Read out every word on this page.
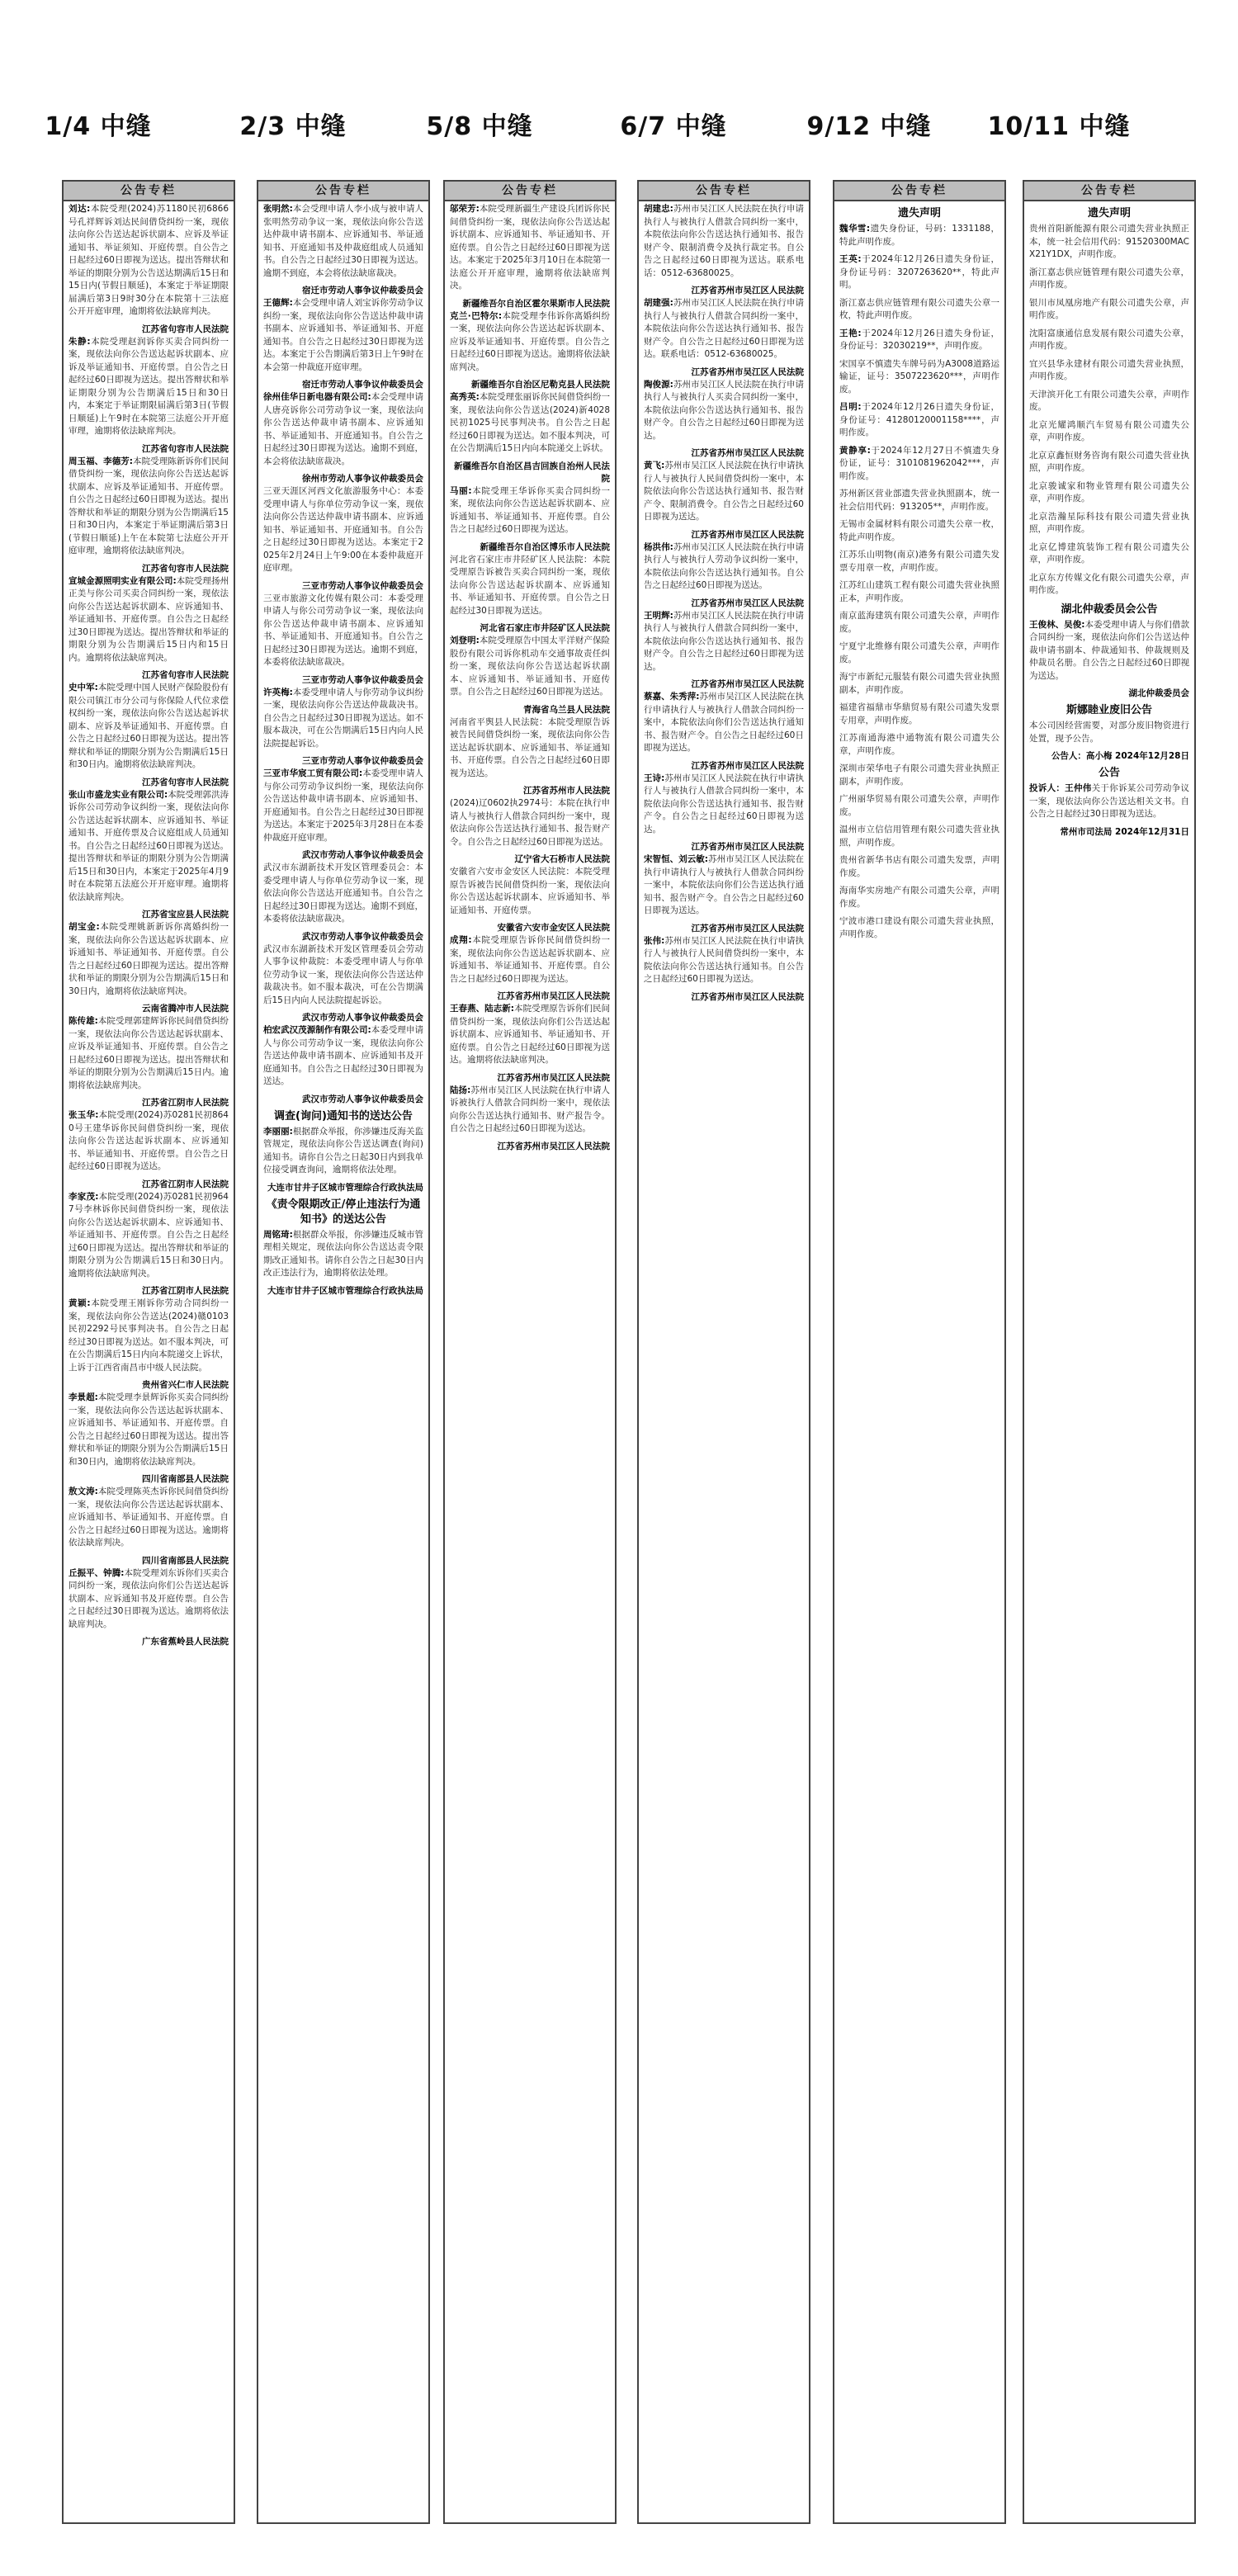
1/4 中缝	2/3 中缝	5/8 中缝	6/7 中缝	9/12 中缝	10/11 中缝
公告专栏
刘达:本院受理(2024)苏1180民初6866号孔祥辉诉刘达民间借贷纠纷一案，现依法向你公告送达起诉状副本、应诉及举证通知书、举证须知、开庭传票。自公告之日起经过60日即视为送达。提出答辩状和举证的期限分别为公告送达期满后15日和15日内(节假日顺延)，本案定于举证期限届满后第3日9时30分在本院第十三法庭公开开庭审理，逾期将依法缺席判决。
江苏省句容市人民法院
朱静:本院受理赵润诉你买卖合同纠纷一案，现依法向你公告送达起诉状副本、应诉及举证通知书、开庭传票。自公告之日起经过60日即视为送达。提出答辩状和举证期限分别为公告期满后15日和30日内，本案定于举证期限届满后第3日(节假日顺延)上午9时在本院第三法庭公开开庭审理，逾期将依法缺席判决。
江苏省句容市人民法院
周玉福、李德芳:本院受理陈新诉你们民间借贷纠纷一案，现依法向你公告送达起诉状副本、应诉及举证通知书、开庭传票。自公告之日起经过60日即视为送达。提出答辩状和举证的期限分别为公告期满后15日和30日内，本案定于举证期满后第3日(节假日顺延)上午在本院第七法庭公开开庭审理，逾期将依法缺席判决。
江苏省句容市人民法院
宣城金源照明实业有限公司:本院受理扬州正美与你公司买卖合同纠纷一案，现依法向你公告送达起诉状副本、应诉通知书、举证通知书、开庭传票。自公告之日起经过30日即视为送达。提出答辩状和举证的期限分别为公告期满后15日内和15日内。逾期将依法缺席判决。
江苏省句容市人民法院
史中军:本院受理中国人民财产保险股份有限公司镇江市分公司与你保险人代位求偿权纠纷一案，现依法向你公告送达起诉状副本、应诉及举证通知书、开庭传票。自公告之日起经过60日即视为送达。提出答辩状和举证的期限分别为公告期满后15日和30日内。逾期将依法缺席判决。
江苏省句容市人民法院
张山市盛龙实业有限公司:本院受理郭洪涛诉你公司劳动争议纠纷一案，现依法向你公告送达起诉状副本、应诉通知书、举证通知书、开庭传票及合议庭组成人员通知书。自公告之日起经过60日即视为送达。提出答辩状和举证的期限分别为公告期满后15日和30日内，本案定于2025年4月9时在本院第五法庭公开开庭审理。逾期将依法缺席判决。
江苏省宝应县人民法院
胡宝金:本院受理姚新新诉你离婚纠纷一案，现依法向你公告送达起诉状副本、应诉通知书、举证通知书、开庭传票。自公告之日起经过60日即视为送达。提出答辩状和举证的期限分别为公告期满后15日和30日内，逾期将依法缺席判决。
云南省腾冲市人民法院
陈传雄:本院受理郭建辉诉你民间借贷纠纷一案，现依法向你公告送达起诉状副本、应诉及举证通知书、开庭传票。自公告之日起经过60日即视为送达。提出答辩状和举证的期限分别为公告期满后15日内。逾期将依法缺席判决。
江苏省江阴市人民法院
张玉华:本院受理(2024)苏0281民初8640号王建华诉你民间借贷纠纷一案，现依法向你公告送达起诉状副本、应诉通知书、举证通知书、开庭传票。自公告之日起经过60日即视为送达。
江苏省江阴市人民法院
李家茂:本院受理(2024)苏0281民初9647号李林诉你民间借贷纠纷一案，现依法向你公告送达起诉状副本、应诉通知书、举证通知书、开庭传票。自公告之日起经过60日即视为送达。提出答辩状和举证的期限分别为公告期满后15日和30日内。逾期将依法缺席判决。
江苏省江阴市人民法院
黄颖:本院受理王刚诉你劳动合同纠纷一案，现依法向你公告送达(2024)赣0103民初2292号民事判决书。自公告之日起经过30日即视为送达。如不服本判决，可在公告期满后15日内向本院递交上诉状，上诉于江西省南昌市中级人民法院。
贵州省兴仁市人民法院
李景超:本院受理李景辉诉你买卖合同纠纷一案，现依法向你公告送达起诉状副本、应诉通知书、举证通知书、开庭传票。自公告之日起经过60日即视为送达。提出答辩状和举证的期限分别为公告期满后15日和30日内，逾期将依法缺席判决。
四川省南部县人民法院
敖文涛:本院受理陈英杰诉你民间借贷纠纷一案，现依法向你公告送达起诉状副本、应诉通知书、举证通知书、开庭传票。自公告之日起经过60日即视为送达。逾期将依法缺席判决。
四川省南部县人民法院
丘振平、钟腾:本院受理刘东诉你们买卖合同纠纷一案，现依法向你们公告送达起诉状副本、应诉通知书及开庭传票。自公告之日起经过30日即视为送达。逾期将依法缺席判决。
广东省蕉岭县人民法院
公告专栏
张明然:本会受理申请人李小成与被申请人张明然劳动争议一案，现依法向你公告送达仲裁申请书副本、应诉通知书、举证通知书、开庭通知书及仲裁庭组成人员通知书。自公告之日起经过30日即视为送达。逾期不到庭，本会将依法缺席裁决。
宿迁市劳动人事争议仲裁委员会
王德辉:本会受理申请人刘宝诉你劳动争议纠纷一案，现依法向你公告送达仲裁申请书副本、应诉通知书、举证通知书、开庭通知书。自公告之日起经过30日即视为送达。本案定于公告期满后第3日上午9时在本会第一仲裁庭开庭审理。
宿迁市劳动人事争议仲裁委员会
徐州佳华日新电器有限公司:本会受理申请人唐亮诉你公司劳动争议一案，现依法向你公告送达仲裁申请书副本、应诉通知书、举证通知书、开庭通知书。自公告之日起经过30日即视为送达。逾期不到庭，本会将依法缺席裁决。
徐州市劳动人事争议仲裁委员会
三亚天涯区河西文化旅游服务中心：本委受理申请人与你单位劳动争议一案，现依法向你公告送达仲裁申请书副本、应诉通知书、举证通知书、开庭通知书。自公告之日起经过30日即视为送达。本案定于2025年2月24日上午9:00在本委仲裁庭开庭审理。
三亚市劳动人事争议仲裁委员会
三亚市旅游文化传媒有限公司：本委受理申请人与你公司劳动争议一案，现依法向你公告送达仲裁申请书副本、应诉通知书、举证通知书、开庭通知书。自公告之日起经过30日即视为送达。逾期不到庭，本委将依法缺席裁决。
三亚市劳动人事争议仲裁委员会
许英梅:本委受理申请人与你劳动争议纠纷一案，现依法向你公告送达仲裁裁决书。自公告之日起经过30日即视为送达。如不服本裁决，可在公告期满后15日内向人民法院提起诉讼。
三亚市劳动人事争议仲裁委员会
三亚市华宸工贸有限公司:本委受理申请人与你公司劳动争议纠纷一案，现依法向你公告送达仲裁申请书副本、应诉通知书、开庭通知书。自公告之日起经过30日即视为送达。本案定于2025年3月28日在本委仲裁庭开庭审理。
武汉市劳动人事争议仲裁委员会
武汉市东湖新技术开发区管理委员会：本委受理申请人与你单位劳动争议一案，现依法向你公告送达开庭通知书。自公告之日起经过30日即视为送达。逾期不到庭，本委将依法缺席裁决。
武汉市劳动人事争议仲裁委员会
武汉市东湖新技术开发区管理委员会劳动人事争议仲裁院：本委受理申请人与你单位劳动争议一案，现依法向你公告送达仲裁裁决书。如不服本裁决，可在公告期满后15日内向人民法院提起诉讼。
武汉市劳动人事争议仲裁委员会
柏宏武汉茂源制作有限公司:本委受理申请人与你公司劳动争议一案，现依法向你公告送达仲裁申请书副本、应诉通知书及开庭通知书。自公告之日起经过30日即视为送达。
武汉市劳动人事争议仲裁委员会
调查(询问)通知书的送达公告
李丽丽:根据群众举报，你涉嫌违反海关监管规定，现依法向你公告送达调查(询问)通知书。请你自公告之日起30日内到我单位接受调查询问，逾期将依法处理。
大连市甘井子区城市管理综合行政执法局
《责令限期改正/停止违法行为通知书》的送达公告
周铭琦:根据群众举报，你涉嫌违反城市管理相关规定，现依法向你公告送达责令限期改正通知书。请你自公告之日起30日内改正违法行为，逾期将依法处理。
大连市甘井子区城市管理综合行政执法局
公告专栏
邬荣芳:本院受理新疆生产建设兵团诉你民间借贷纠纷一案，现依法向你公告送达起诉状副本、应诉通知书、举证通知书、开庭传票。自公告之日起经过60日即视为送达。本案定于2025年3月10日在本院第一法庭公开开庭审理，逾期将依法缺席判决。
新疆维吾尔自治区霍尔果斯市人民法院
克兰·巴特尔:本院受理李伟诉你离婚纠纷一案，现依法向你公告送达起诉状副本、应诉及举证通知书、开庭传票。自公告之日起经过60日即视为送达。逾期将依法缺席判决。
新疆维吾尔自治区尼勒克县人民法院
高秀英:本院受理张丽诉你民间借贷纠纷一案，现依法向你公告送达(2024)新4028民初1025号民事判决书。自公告之日起经过60日即视为送达。如不服本判决，可在公告期满后15日内向本院递交上诉状。
新疆维吾尔自治区昌吉回族自治州人民法院
马丽:本院受理王华诉你买卖合同纠纷一案，现依法向你公告送达起诉状副本、应诉通知书、举证通知书、开庭传票。自公告之日起经过60日即视为送达。
新疆维吾尔自治区博乐市人民法院
河北省石家庄市井陉矿区人民法院：本院受理原告诉被告买卖合同纠纷一案，现依法向你公告送达起诉状副本、应诉通知书、举证通知书、开庭传票。自公告之日起经过30日即视为送达。
河北省石家庄市井陉矿区人民法院
刘登明:本院受理原告中国太平洋财产保险股份有限公司诉你机动车交通事故责任纠纷一案，现依法向你公告送达起诉状副本、应诉通知书、举证通知书、开庭传票。自公告之日起经过60日即视为送达。
青海省乌兰县人民法院
河南省平舆县人民法院：本院受理原告诉被告民间借贷纠纷一案，现依法向你公告送达起诉状副本、应诉通知书、举证通知书、开庭传票。自公告之日起经过60日即视为送达。
江苏省苏州市人民法院
(2024)辽0602执2974号：本院在执行申请人与被执行人借款合同纠纷一案中，现依法向你公告送达执行通知书、报告财产令。自公告之日起经过60日即视为送达。
辽宁省大石桥市人民法院
安徽省六安市金安区人民法院：本院受理原告诉被告民间借贷纠纷一案，现依法向你公告送达起诉状副本、应诉通知书、举证通知书、开庭传票。
安徽省六安市金安区人民法院
成翔:本院受理原告诉你民间借贷纠纷一案，现依法向你公告送达起诉状副本、应诉通知书、举证通知书、开庭传票。自公告之日起经过60日即视为送达。
江苏省苏州市吴江区人民法院
王春燕、陆志新:本院受理原告诉你们民间借贷纠纷一案，现依法向你们公告送达起诉状副本、应诉通知书、举证通知书、开庭传票。自公告之日起经过60日即视为送达。逾期将依法缺席判决。
江苏省苏州市吴江区人民法院
陆扬:苏州市吴江区人民法院在执行申请人诉被执行人借款合同纠纷一案中，现依法向你公告送达执行通知书、财产报告令。自公告之日起经过60日即视为送达。
江苏省苏州市吴江区人民法院
公告专栏
胡建忠:苏州市吴江区人民法院在执行申请执行人与被执行人借款合同纠纷一案中，本院依法向你公告送达执行通知书、报告财产令、限制消费令及执行裁定书。自公告之日起经过60日即视为送达。联系电话：0512-63680025。
江苏省苏州市吴江区人民法院
胡建强:苏州市吴江区人民法院在执行申请执行人与被执行人借款合同纠纷一案中，本院依法向你公告送达执行通知书、报告财产令。自公告之日起经过60日即视为送达。联系电话：0512-63680025。
江苏省苏州市吴江区人民法院
陶俊源:苏州市吴江区人民法院在执行申请执行人与被执行人买卖合同纠纷一案中，本院依法向你公告送达执行通知书、报告财产令。自公告之日起经过60日即视为送达。
江苏省苏州市吴江区人民法院
黄飞:苏州市吴江区人民法院在执行申请执行人与被执行人民间借贷纠纷一案中，本院依法向你公告送达执行通知书、报告财产令、限制消费令。自公告之日起经过60日即视为送达。
江苏省苏州市吴江区人民法院
杨洪伟:苏州市吴江区人民法院在执行申请执行人与被执行人劳动争议纠纷一案中，本院依法向你公告送达执行通知书。自公告之日起经过60日即视为送达。
江苏省苏州市吴江区人民法院
王明辉:苏州市吴江区人民法院在执行申请执行人与被执行人借款合同纠纷一案中，本院依法向你公告送达执行通知书、报告财产令。自公告之日起经过60日即视为送达。
江苏省苏州市吴江区人民法院
蔡嘉、朱秀萍:苏州市吴江区人民法院在执行申请执行人与被执行人借款合同纠纷一案中，本院依法向你们公告送达执行通知书、报告财产令。自公告之日起经过60日即视为送达。
江苏省苏州市吴江区人民法院
王诗:苏州市吴江区人民法院在执行申请执行人与被执行人借款合同纠纷一案中，本院依法向你公告送达执行通知书、报告财产令。自公告之日起经过60日即视为送达。
江苏省苏州市吴江区人民法院
宋智恒、刘云敏:苏州市吴江区人民法院在执行申请执行人与被执行人借款合同纠纷一案中，本院依法向你们公告送达执行通知书、报告财产令。自公告之日起经过60日即视为送达。
江苏省苏州市吴江区人民法院
张伟:苏州市吴江区人民法院在执行申请执行人与被执行人民间借贷纠纷一案中，本院依法向你公告送达执行通知书。自公告之日起经过60日即视为送达。
江苏省苏州市吴江区人民法院
公告专栏
遗失声明
魏华雪:遗失身份证，号码：1331188，特此声明作废。
王英:于2024年12月26日遗失身份证，身份证号码：3207263620**，特此声明。
浙江嘉志供应链管理有限公司遗失公章一枚，特此声明作废。
王艳:于2024年12月26日遗失身份证，身份证号：32030219**，声明作废。
宋国享不慎遗失车牌号码为A3008道路运输证，证号：3507223620***，声明作废。
吕明:于2024年12月26日遗失身份证，身份证号：41280120001158****，声明作废。
黄静享:于2024年12月27日不慎遗失身份证，证号：3101081962042***，声明作废。
苏州新区营业部遗失营业执照副本，统一社会信用代码：913205**，声明作废。
无锡市金属材料有限公司遗失公章一枚，特此声明作废。
江苏乐山明物(南京)港务有限公司遗失发票专用章一枚，声明作废。
江苏红山建筑工程有限公司遗失营业执照正本，声明作废。
南京蓝海建筑有限公司遗失公章，声明作废。
宁夏宁北维修有限公司遗失公章，声明作废。
海宁市新纪元服装有限公司遗失营业执照副本，声明作废。
福建省福鼎市华鼎贸易有限公司遗失发票专用章，声明作废。
江苏南通海港中通物流有限公司遗失公章，声明作废。
深圳市荣华电子有限公司遗失营业执照正副本，声明作废。
广州丽华贸易有限公司遗失公章，声明作废。
温州市立信信用管理有限公司遗失营业执照，声明作废。
贵州省新华书店有限公司遗失发票，声明作废。
海南华实房地产有限公司遗失公章，声明作废。
宁波市港口建设有限公司遗失营业执照，声明作废。
公告专栏
遗失声明
贵州首阳新能源有限公司遗失营业执照正本，统一社会信用代码：91520300MACX21Y1DX，声明作废。
浙江嘉志供应链管理有限公司遗失公章，声明作废。
银川市凤凰房地产有限公司遗失公章，声明作废。
沈阳富康通信息发展有限公司遗失公章，声明作废。
宜兴县华永建材有限公司遗失营业执照，声明作废。
天津滨开化工有限公司遗失公章，声明作废。
北京光耀鸿顺汽车贸易有限公司遗失公章，声明作废。
北京京鑫恒财务咨询有限公司遗失营业执照，声明作废。
北京骏诚家和物业管理有限公司遗失公章，声明作废。
北京浩瀚星际科技有限公司遗失营业执照，声明作废。
北京亿博建筑装饰工程有限公司遗失公章，声明作废。
北京东方传媒文化有限公司遗失公章，声明作废。
湖北仲裁委员会公告
王俊林、吴俊:本委受理申请人与你们借款合同纠纷一案，现依法向你们公告送达仲裁申请书副本、仲裁通知书、仲裁规则及仲裁员名册。自公告之日起经过60日即视为送达。
湖北仲裁委员会
斯娜睦业废旧公告
本公司因经营需要，对部分废旧物资进行处置，现予公告。
公告人：高小梅 2024年12月28日
公告
投诉人：王仲伟关于你诉某公司劳动争议一案，现依法向你公告送达相关文书。自公告之日起经过30日即视为送达。
常州市司法局 2024年12月31日
